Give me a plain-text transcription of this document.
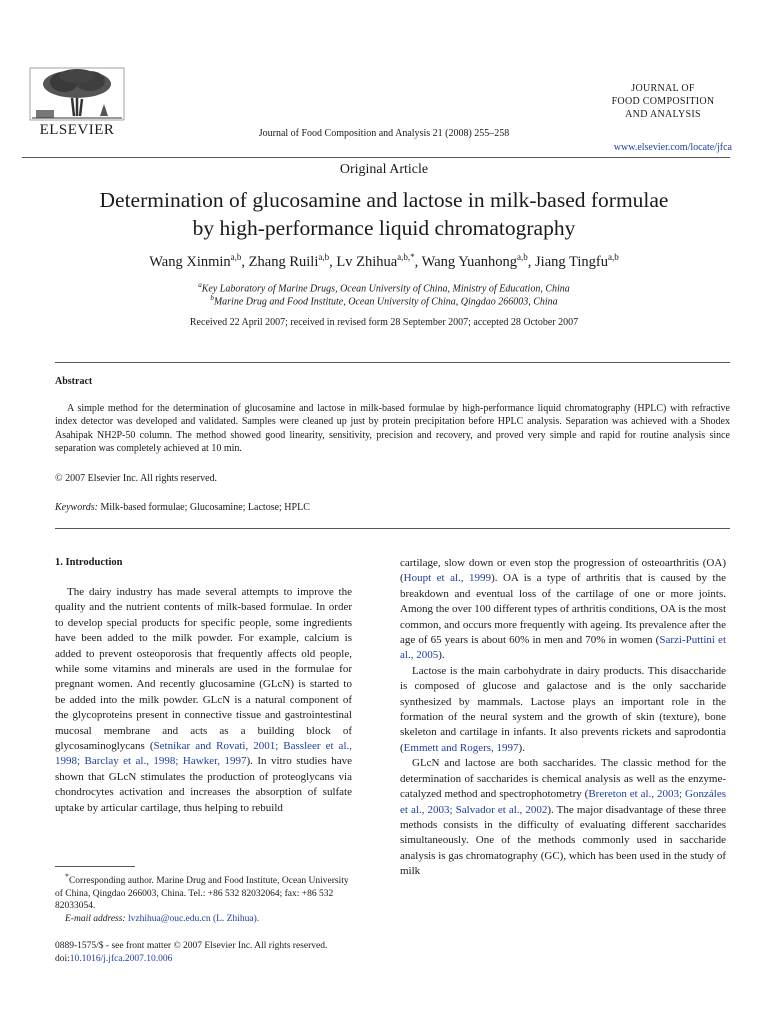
ELSEVIER	Journal of Food Composition and Analysis 21 (2008) 255–258
JOURNAL OF
FOOD COMPOSITION
AND ANALYSIS
www.elsevier.com/locate/jfca
Original Article
Determination of glucosamine and lactose in milk-based formulae
by high-performance liquid chromatography
Wang Xinmin$^{a,b}$, Zhang Ruili$^{a,b}$, Lv Zhihua$^{a,b,*}$, Wang Yuanhong$^{a,b}$, Jiang Tingfu$^{a,b}$
$^a$Key Laboratory of Marine Drugs, Ocean University of China, Ministry of Education, China
$^b$Marine Drug and Food Institute, Ocean University of China, Qingdao 266003, China
Received 22 April 2007; received in revised form 28 September 2007; accepted 28 October 2007
Abstract
A simple method for the determination of glucosamine and lactose in milk-based formulae by high-performance liquid chromatography (HPLC) with refractive index detector was developed and validated. Samples were cleaned up just by protein precipitation before HPLC analysis. Separation was achieved with a Shodex Asahipak NH2P-50 column. The method showed good linearity, sensitivity, precision and recovery, and proved very simple and rapid for routine analysis since separation was completely achieved at 10 min.
© 2007 Elsevier Inc. All rights reserved.
Keywords: Milk-based formulae; Glucosamine; Lactose; HPLC
1. Introduction

The dairy industry has made several attempts to improve the quality and the nutrient contents of milk-based formulae. In order to develop special products for specific people, some ingredients have been added to the milk powder. For example, calcium is added to prevent osteoporosis that frequently affects old people, while some vitamins and minerals are used in the formulae for pregnant women. And recently glucosamine (GLcN) is started to be added into the milk powder. GLcN is a natural component of the glycoproteins present in connective tissue and gastrointestinal mucosal membrane and acts as a building block of glycosaminoglycans (Setnikar and Rovati, 2001; Bassleer et al., 1998; Barclay et al., 1998; Hawker, 1997). In vitro studies have shown that GLcN stimulates the production of proteoglycans via chondrocytes activation and increases the absorption of sulfate uptake by articular cartilage, thus helping to rebuild

cartilage, slow down or even stop the progression of osteoarthritis (OA) (Houpt et al., 1999). OA is a type of arthritis that is caused by the breakdown and eventual loss of the cartilage of one or more joints. Among the over 100 different types of arthritis conditions, OA is the most common, and occurs more frequently with ageing. Its prevalence after the age of 65 years is about 60% in men and 70% in women (Sarzi-Puttini et al., 2005).

Lactose is the main carbohydrate in dairy products. This disaccharide is composed of glucose and galactose and is the only saccharide synthesized by mammals. Lactose plays an important role in the formation of the neural system and the growth of skin (texture), bone skeleton and cartilage in infants. It also prevents rickets and saprodontia (Emmett and Rogers, 1997).

GLcN and lactose are both saccharides. The classic method for the determination of saccharides is chemical analysis as well as the enzyme-catalyzed method and spectrophotometry (Brereton et al., 2003; Gonzáles et al., 2003; Salvador et al., 2002). The major disadvantage of these three methods consists in the difficulty of evaluating different saccharides simultaneously. One of the methods commonly used in saccharide analysis is gas chromatography (GC), which has been used in the study of milk

*Corresponding author. Marine Drug and Food Institute, Ocean University of China, Qingdao 266003, China. Tel.: +86 532 82032064; fax: +86 532 82033054.

E-mail address: lvzhihua@ouc.edu.cn (L. Zhihua).

0889-1575/$ - see front matter © 2007 Elsevier Inc. All rights reserved.
doi:10.1016/j.jfca.2007.10.006
